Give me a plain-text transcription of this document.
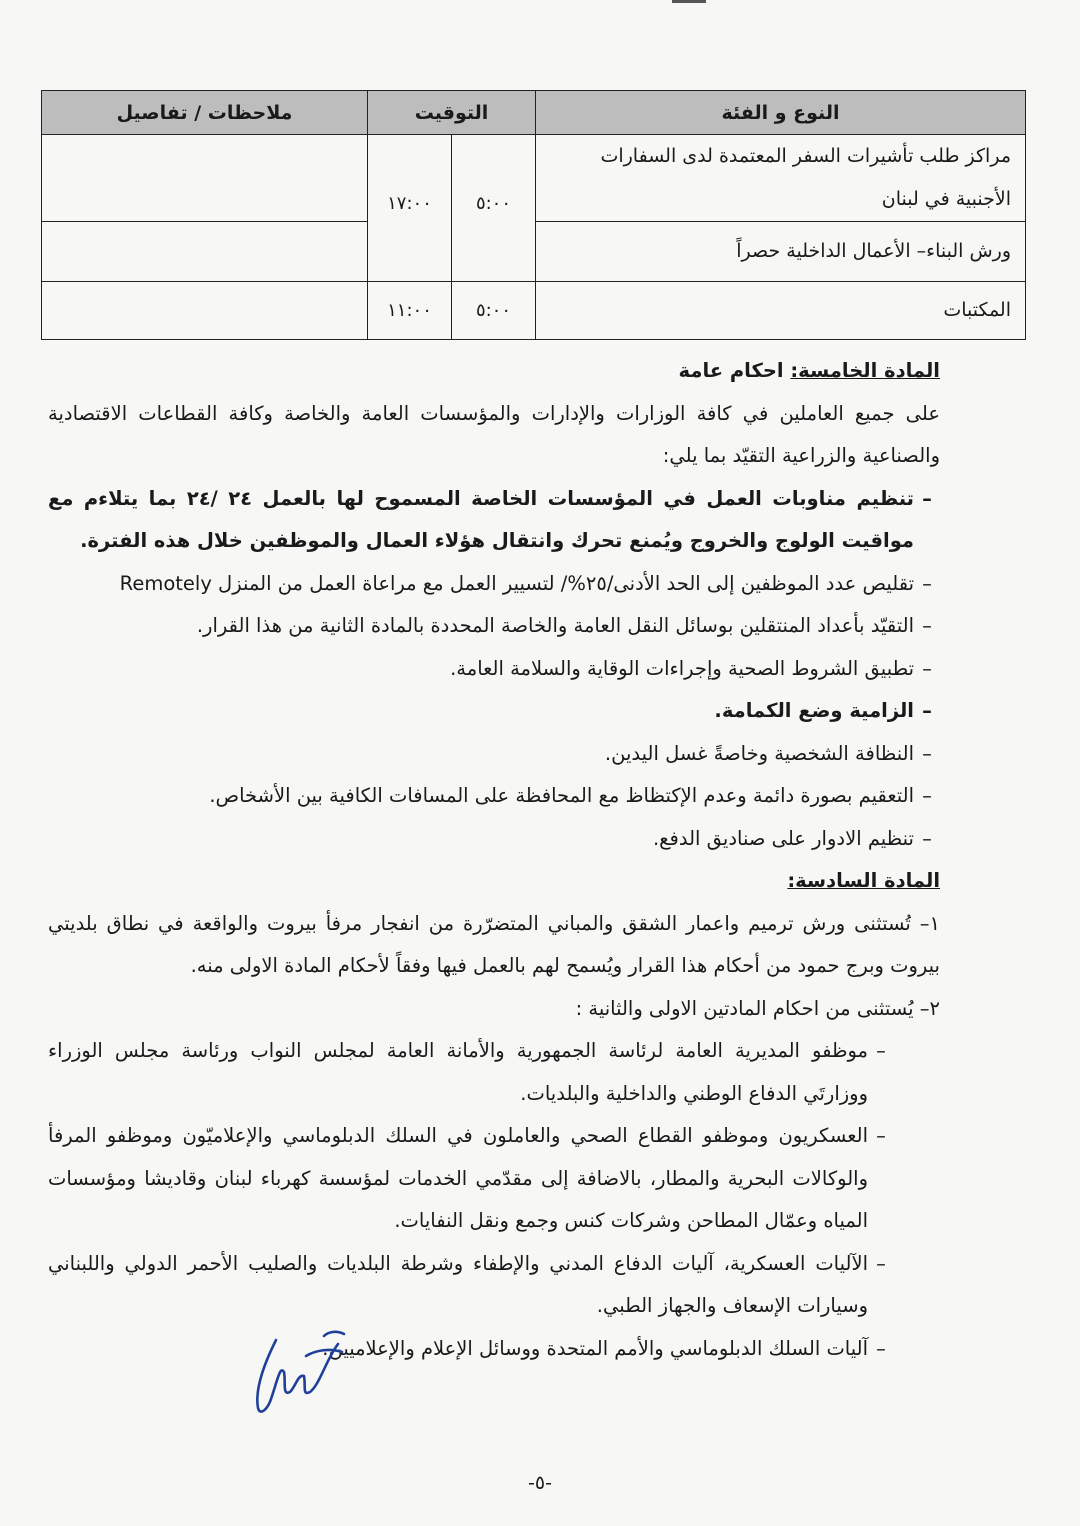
النوع و الفئة	التوقيت		ملاحظات / تفاصيل
مراكز طلب تأشيرات السفر المعتمدة لدى السفارات الأجنبية في لبنان	٥:٠٠	١٧:٠٠	
ورش البناء– الأعمال الداخلية حصراً			
المكتبات	٥:٠٠	١١:٠٠	

المادة الخامسة: احكام عامة

على جميع العاملين في كافة الوزارات والإدارات والمؤسسات العامة والخاصة وكافة القطاعات الاقتصادية والصناعية والزراعية التقيّد بما يلي:

–
تنظيم مناوبات العمل في المؤسسات الخاصة المسموح لها بالعمل ٢٤ /٢٤ بما يتلاءم مع مواقيت الولوج والخروج ويُمنع تحرك وانتقال هؤلاء العمال والموظفين خلال هذه الفترة.
–
تقليص عدد الموظفين إلى الحد الأدنى/٢٥%/ لتسيير العمل مع مراعاة العمل من المنزل Remotely
–
التقيّد بأعداد المنتقلين بوسائل النقل العامة والخاصة المحددة بالمادة الثانية من هذا القرار.
–
تطبيق الشروط الصحية وإجراءات الوقاية والسلامة العامة.
–
الزامية وضع الكمامة.
–
النظافة الشخصية وخاصةً غسل اليدين.
–
التعقيم بصورة دائمة وعدم الإكتظاظ مع المحافظة على المسافات الكافية بين الأشخاص.
–
تنظيم الادوار على صناديق الدفع.

المادة السادسة:

١– تُستثنى ورش ترميم واعمار الشقق والمباني المتضرّرة من انفجار مرفأ بيروت والواقعة في نطاق بلديتي بيروت وبرج حمود من أحكام هذا القرار ويُسمح لهم بالعمل فيها وفقاً لأحكام المادة الاولى منه.

٢– يُستثنى من احكام المادتين الاولى والثانية :

–
موظفو المديرية العامة لرئاسة الجمهورية والأمانة العامة لمجلس النواب ورئاسة مجلس الوزراء ووزارتَي الدفاع الوطني والداخلية والبلديات.
–
العسكريون وموظفو القطاع الصحي والعاملون في السلك الدبلوماسي والإعلاميّون وموظفو المرفأ والوكالات البحرية والمطار، بالاضافة إلى مقدّمي الخدمات لمؤسسة كهرباء لبنان وقاديشا ومؤسسات المياه وعمّال المطاحن وشركات كنس وجمع ونقل النفايات.
–
الآليات العسكرية، آليات الدفاع المدني والإطفاء وشرطة البلديات والصليب الأحمر الدولي واللبناني وسيارات الإسعاف والجهاز الطبي.
–
آليات السلك الدبلوماسي والأمم المتحدة ووسائل الإعلام والإعلاميين.
-٥-
